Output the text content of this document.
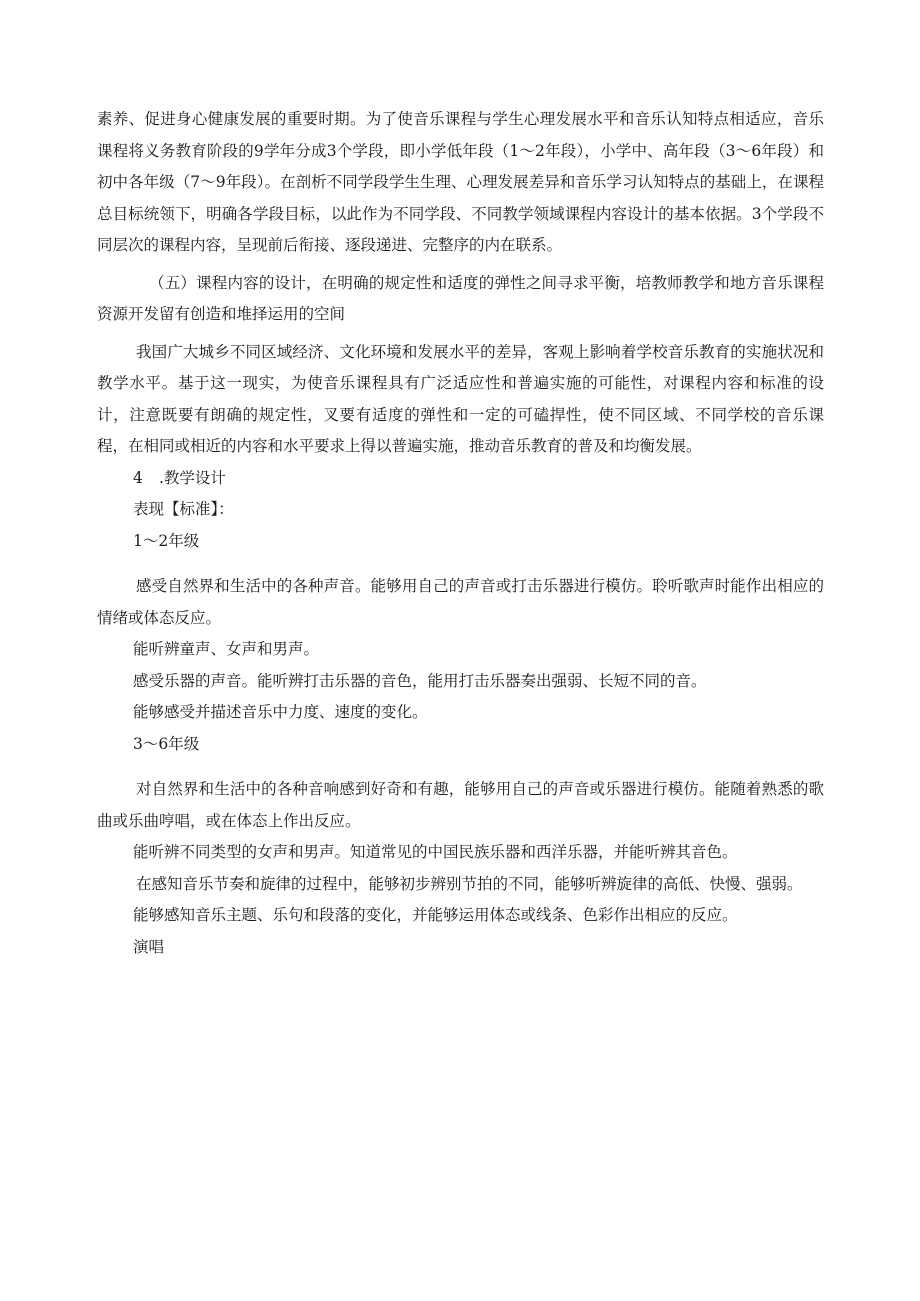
素养、促进身心健康发展的重要时期。为了使音乐课程与学生心理发展水平和音乐认知特点相适应，音乐课程将义务教育阶段的9学年分成3个学段，即小学低年段（1～2年段），小学中、高年段（3～6年段）和初中各年级（7～9年段）。在剖析不同学段学生生理、心理发展差异和音乐学习认知特点的基础上，在课程总目标统领下，明确各学段目标，以此作为不同学段、不同教学领域课程内容设计的基本依据。3个学段不同层次的课程内容，呈现前后衔接、逐段递进、完整序的内在联系。

（五）课程内容的设计，在明确的规定性和适度的弹性之间寻求平衡，培教师教学和地方音乐课程资源开发留有创造和堆择运用的空间

我国广大城乡不同区域经济、文化环境和发展水平的差异，客观上影响着学校音乐教育的实施状况和教学水平。基于这一现实，为使音乐课程具有广泛适应性和普遍实施的可能性，对课程内容和标准的设计，注意既要有朗确的规定性，叉要有适度的弹性和一定的可磕捍性，使不同区域、不同学校的音乐课程，在相同或相近的内容和水平要求上得以普遍实施，推动音乐教育的普及和均衡发展。

4 .教学设计

表现【标准】：

1～2年级

感受自然界和生活中的各种声音。能够用自己的声音或打击乐器进行模仿。聆听歌声时能作出相应的情绪或体态反应。

能听辨童声、女声和男声。

感受乐器的声音。能听辨打击乐器的音色，能用打击乐器奏出强弱、长短不同的音。

能够感受并描述音乐中力度、速度的变化。

3～6年级

对自然界和生活中的各种音响感到好奇和有趣，能够用自己的声音或乐器进行模仿。能随着熟悉的歌曲或乐曲哼唱，或在体态上作出反应。

能听辨不同类型的女声和男声。知道常见的中国民族乐器和西洋乐器，并能听辨其音色。

在感知音乐节奏和旋律的过程中，能够初步辨别节拍的不同，能够听辨旋律的高低、快慢、强弱。

能够感知音乐主题、乐句和段落的变化，并能够运用体态或线条、色彩作出相应的反应。

演唱
